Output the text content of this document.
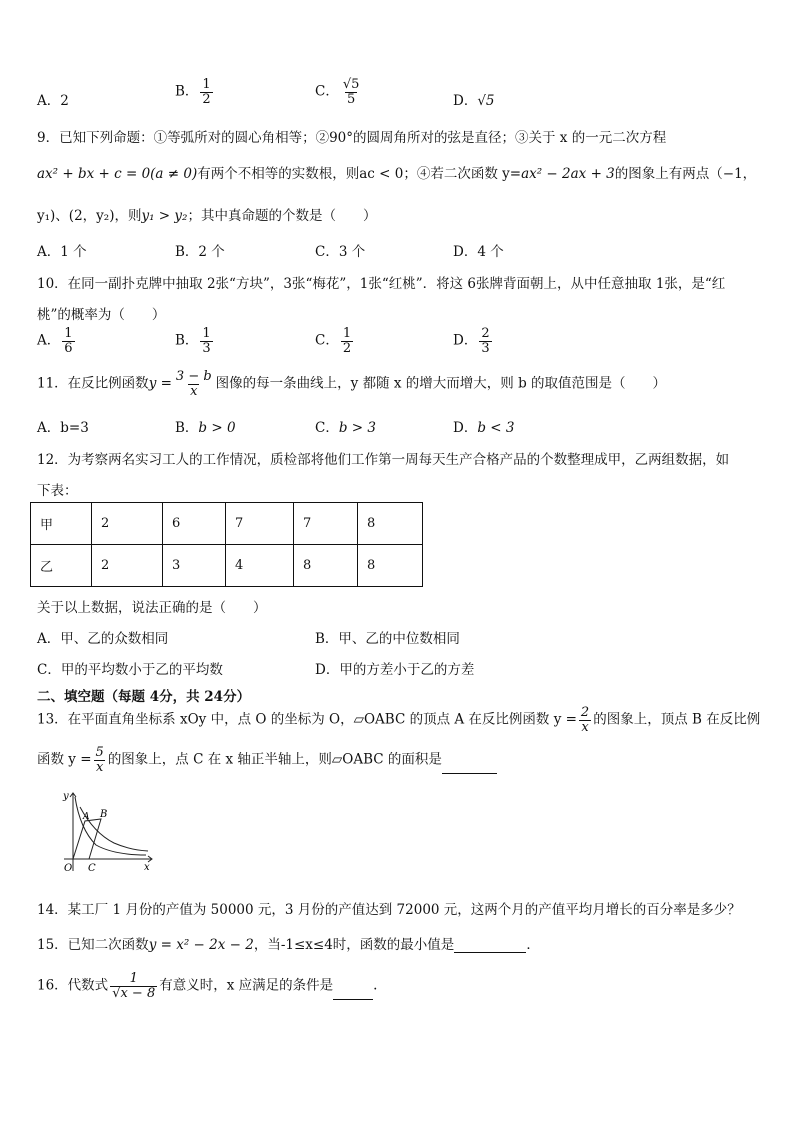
A．2
B． $\frac{1}{2}$	C． $\frac{√5}{5}$	D．√5
9．已知下列命题：①等弧所对的圆心角相等；②90°的圆周角所对的弦是直径；③关于 x 的一元二次方程
ax² + bx + c = 0(a ≠ 0)有两个不相等的实数根，则ac < 0；④若二次函数 y=ax² − 2ax + 3的图象上有两点（−1，
y₁)、(2，y₂)，则y₁ > y₂；其中真命题的个数是（　　）
A．1 个	B．2 个	C．3 个	D．4 个
10．在同一副扑克牌中抽取 2张“方块”，3张“梅花”，1张“红桃”．将这 6张牌背面朝上，从中任意抽取 1张，是“红
桃”的概率为（　　）
A． $\frac{1}{6}$	B． $\frac{1}{3}$	C． $\frac{1}{2}$	D． $\frac{2}{3}$
11．在反比例函数$y = \frac{3 - b}{x}$ 图像的每一条曲线上，y 都随 x 的增大而增大，则 b 的取值范围是（　　）
A．b=3	B．b > 0	C．b > 3	D．b < 3
12．为考察两名实习工人的工作情况，质检部将他们工作第一周每天生产合格产品的个数整理成甲，乙两组数据，如
下表：
甲	2	6	7	7	8
乙	2	3	4	8	8
关于以上数据，说法正确的是（　　）
A．甲、乙的众数相同	B．甲、乙的中位数相同
C．甲的平均数小于乙的平均数	D．甲的方差小于乙的方差
二、填空题（每题 4分，共 24分）
13．在平面直角坐标系 xOy 中，点 O 的坐标为 O，▱OABC 的顶点 A 在反比例函数 $y = \frac{2}{x}$ 的图象上，顶点 B 在反比例
函数 $y = \frac{5}{x}$ 的图象上，点 C 在 x 轴正半轴上，则▱OABC 的面积是
y
x
O
A B
C
14．某工厂 1 月份的产值为 50000 元，3 月份的产值达到 72000 元，这两个月的产值平均月增长的百分率是多少？
15．已知二次函数y = x² − 2x − 2，当-1≤x≤4时，函数的最小值是	．
16．代数式 $\frac{1}{√x - 8}$ 有意义时，x 应满足的条件是	.
